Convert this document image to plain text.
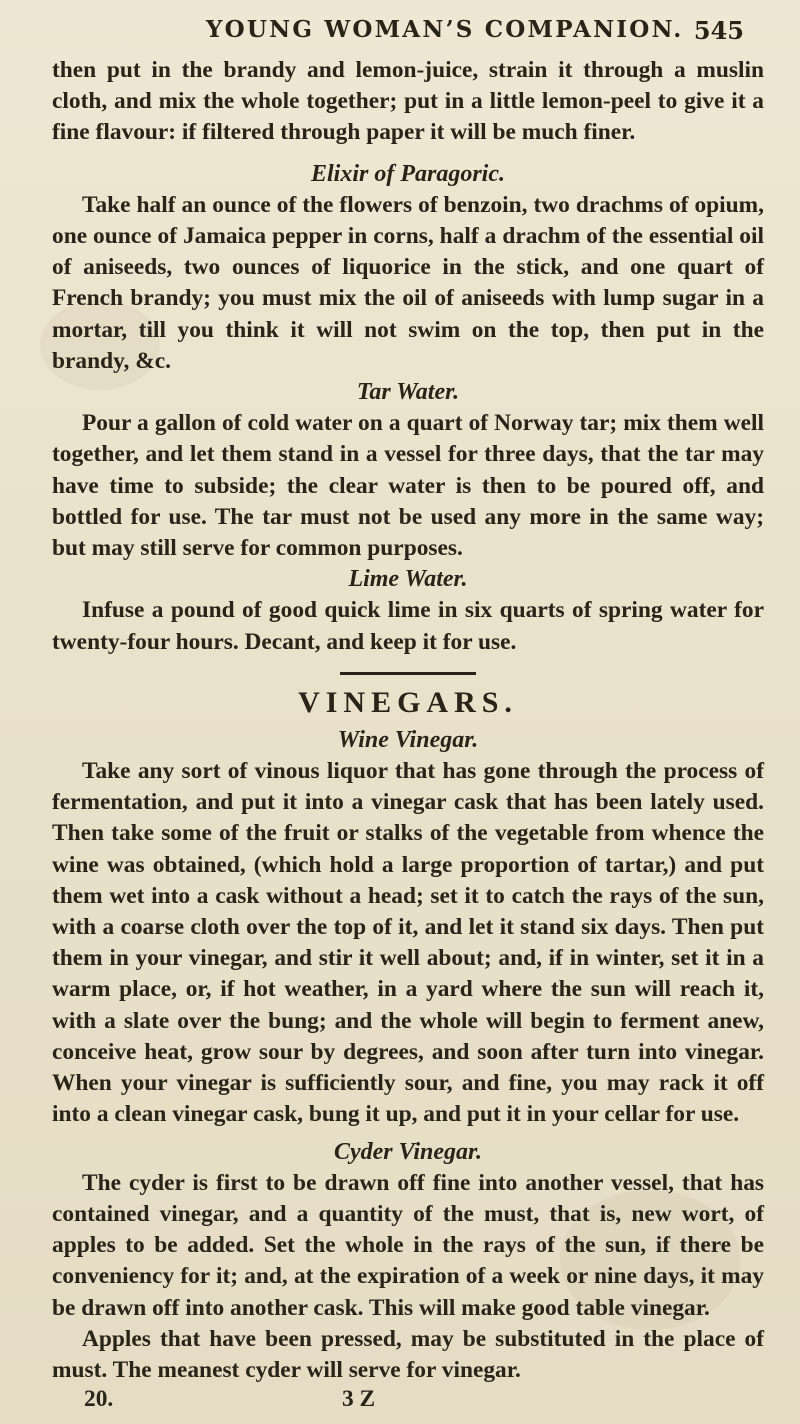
YOUNG WOMAN’S COMPANION. 545

then put in the brandy and lemon-juice, strain it through a muslin cloth, and mix the whole together; put in a little lemon-peel to give it a fine flavour: if filtered through paper it will be much finer.

Elixir of Paragoric.

Take half an ounce of the flowers of benzoin, two drachms of opium, one ounce of Jamaica pepper in corns, half a drachm of the essential oil of aniseeds, two ounces of liquorice in the stick, and one quart of French brandy; you must mix the oil of aniseeds with lump sugar in a mortar, till you think it will not swim on the top, then put in the brandy, &c.

Tar Water.

Pour a gallon of cold water on a quart of Norway tar; mix them well together, and let them stand in a vessel for three days, that the tar may have time to subside; the clear water is then to be poured off, and bottled for use. The tar must not be used any more in the same way; but may still serve for common purposes.

Lime Water.

Infuse a pound of good quick lime in six quarts of spring water for twenty-four hours. Decant, and keep it for use.

VINEGARS.
Wine Vinegar.

Take any sort of vinous liquor that has gone through the process of fermentation, and put it into a vinegar cask that has been lately used. Then take some of the fruit or stalks of the vegetable from whence the wine was obtained, (which hold a large proportion of tartar,) and put them wet into a cask without a head; set it to catch the rays of the sun, with a coarse cloth over the top of it, and let it stand six days. Then put them in your vinegar, and stir it well about; and, if in winter, set it in a warm place, or, if hot weather, in a yard where the sun will reach it, with a slate over the bung; and the whole will begin to ferment anew, conceive heat, grow sour by degrees, and soon after turn into vinegar. When your vinegar is sufficiently sour, and fine, you may rack it off into a clean vinegar cask, bung it up, and put it in your cellar for use.

Cyder Vinegar.

The cyder is first to be drawn off fine into another vessel, that has contained vinegar, and a quantity of the must, that is, new wort, of apples to be added. Set the whole in the rays of the sun, if there be conveniency for it; and, at the expiration of a week or nine days, it may be drawn off into another cask. This will make good table vinegar.

Apples that have been pressed, may be substituted in the place of must. The meanest cyder will serve for vinegar.

20.	3 Z
